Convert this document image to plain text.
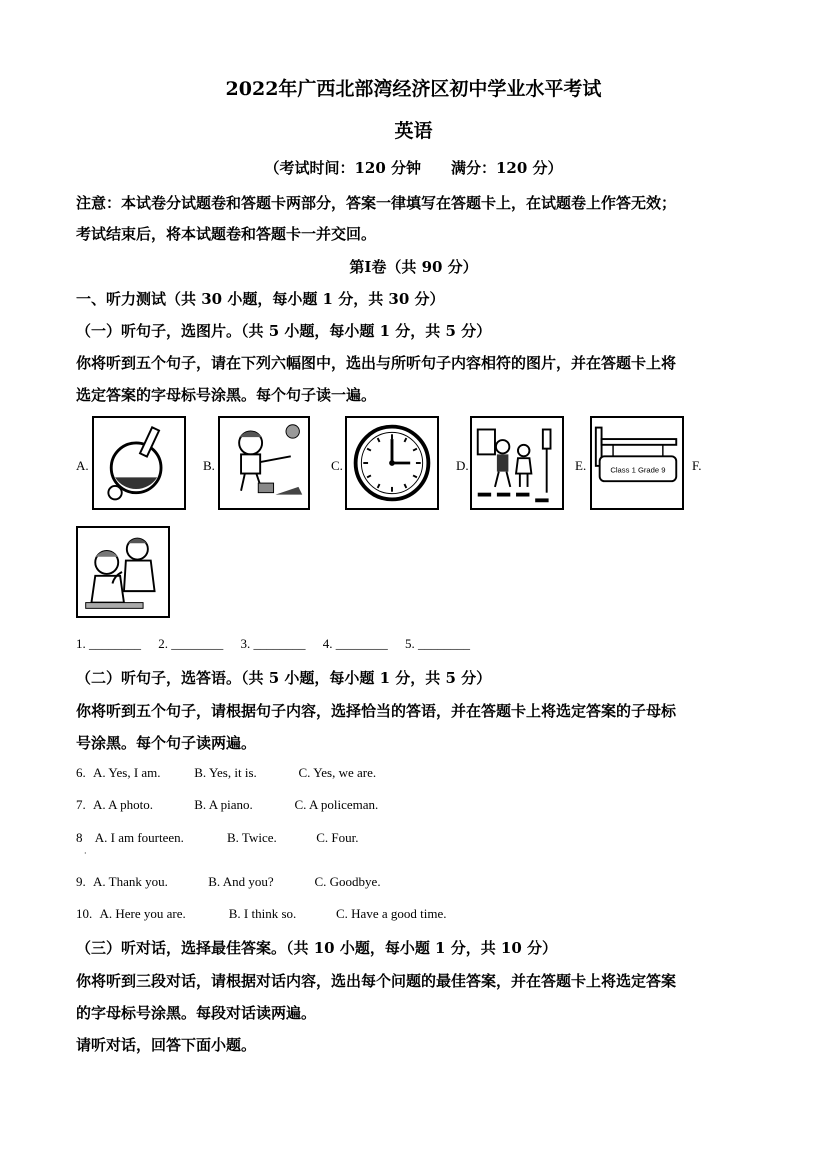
2022年广西北部湾经济区初中学业水平考试
英语
（考试时间：120 分钟　　满分：120 分）
注意：本试卷分试题卷和答题卡两部分，答案一律填写在答题卡上，在试题卷上作答无效；
考试结束后，将本试题卷和答题卡一并交回。
第Ⅰ卷（共 90 分）
一、听力测试（共 30 小题，每小题 1 分，共 30 分）
（一）听句子，选图片。（共 5 小题，每小题 1 分，共 5 分）
你将听到五个句子，请在下列六幅图中，选出与所听句子内容相符的图片，并在答题卡上将
选定答案的字母标号涂黑。每个句子读一遍。
A.	B.	C.	D.	E.	F.
Class 1 Grade 9
1. ________ 2. ________ 3. ________ 4. ________ 5. ________
（二）听句子，选答语。（共 5 小题，每小题 1 分，共 5 分）
你将听到五个句子，请根据句子内容，选择恰当的答语，并在答题卡上将选定答案的子母标
号涂黑。每个句子读两遍。
6. A. Yes, I am.	B. Yes, it is.	C. Yes, we are.
7. A. A photo.	B. A piano.	C. A policeman.
8 A. I am fourteen.	B. Twice.	C. Four.
·
9. A. Thank you.	B. And you?	C. Goodbye.
10. A. Here you are.	B. I think so.	C. Have a good time.
（三）听对话，选择最佳答案。（共 10 小题，每小题 1 分，共 10 分）
你将听到三段对话，请根据对话内容，选出每个问题的最佳答案，并在答题卡上将选定答案
的字母标号涂黑。每段对话读两遍。
请听对话，回答下面小题。
